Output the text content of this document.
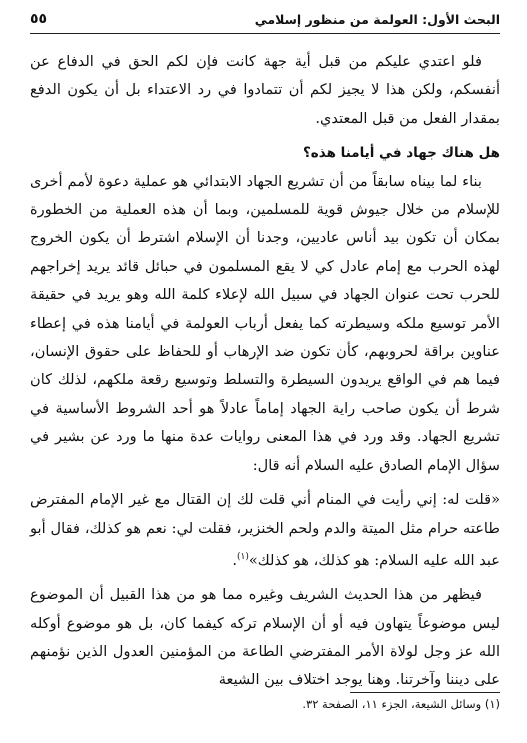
البحث الأول: العولمة من منظور إسلامي
٥٥

فلو اعتدي عليكم من قبل أية جهة كانت فإن لكم الحق في الدفاع عن أنفسكم، ولكن هذا لا يجيز لكم أن تتمادوا في رد الاعتداء بل أن يكون الدفع بمقدار الفعل من قبل المعتدي.

هل هناك جهاد في أيامنا هذه؟

بناء لما بيناه سابقاً من أن تشريع الجهاد الابتدائي هو عملية دعوة لأمم أخرى للإسلام من خلال جيوش قوية للمسلمين، وبما أن هذه العملية من الخطورة بمكان أن تكون بيد أناس عاديين، وجدنا أن الإسلام اشترط أن يكون الخروج لهذه الحرب مع إمام عادل كي لا يقع المسلمون في حبائل قائد يريد إخراجهم للحرب تحت عنوان الجهاد في سبيل الله لإعلاء كلمة الله وهو يريد في حقيقة الأمر توسيع ملكه وسيطرته كما يفعل أرباب العولمة في أيامنا هذه في إعطاء عناوين براقة لحروبهم، كأن تكون ضد الإرهاب أو للحفاظ على حقوق الإنسان، فيما هم في الواقع يريدون السيطرة والتسلط وتوسيع رقعة ملكهم، لذلك كان شرط أن يكون صاحب راية الجهاد إماماً عادلاً هو أحد الشروط الأساسية في تشريع الجهاد. وقد ورد في هذا المعنى روايات عدة منها ما ورد عن بشير في سؤال الإمام الصادق عليه السلام أنه قال:

«قلت له: إني رأيت في المنام أني قلت لك إن القتال مع غير الإمام المفترض طاعته حرام مثل الميتة والدم ولحم الخنزير، فقلت لي: نعم هو كذلك، فقال أبو عبد الله عليه السلام: هو كذلك، هو كذلك»$^{(١)}$.

فيظهر من هذا الحديث الشريف وغيره مما هو من هذا القبيل أن الموضوع ليس موضوعاً يتهاون فيه أو أن الإسلام تركه كيفما كان، بل هو موضوع أوكله الله عز وجل لولاة الأمر المفترضي الطاعة من المؤمنين العدول الذين نؤمنهم على ديننا وآخرتنا. وهنا يوجد اختلاف بين الشيعة

(١) وسائل الشيعة، الجزء ١١، الصفحة ٣٢.
